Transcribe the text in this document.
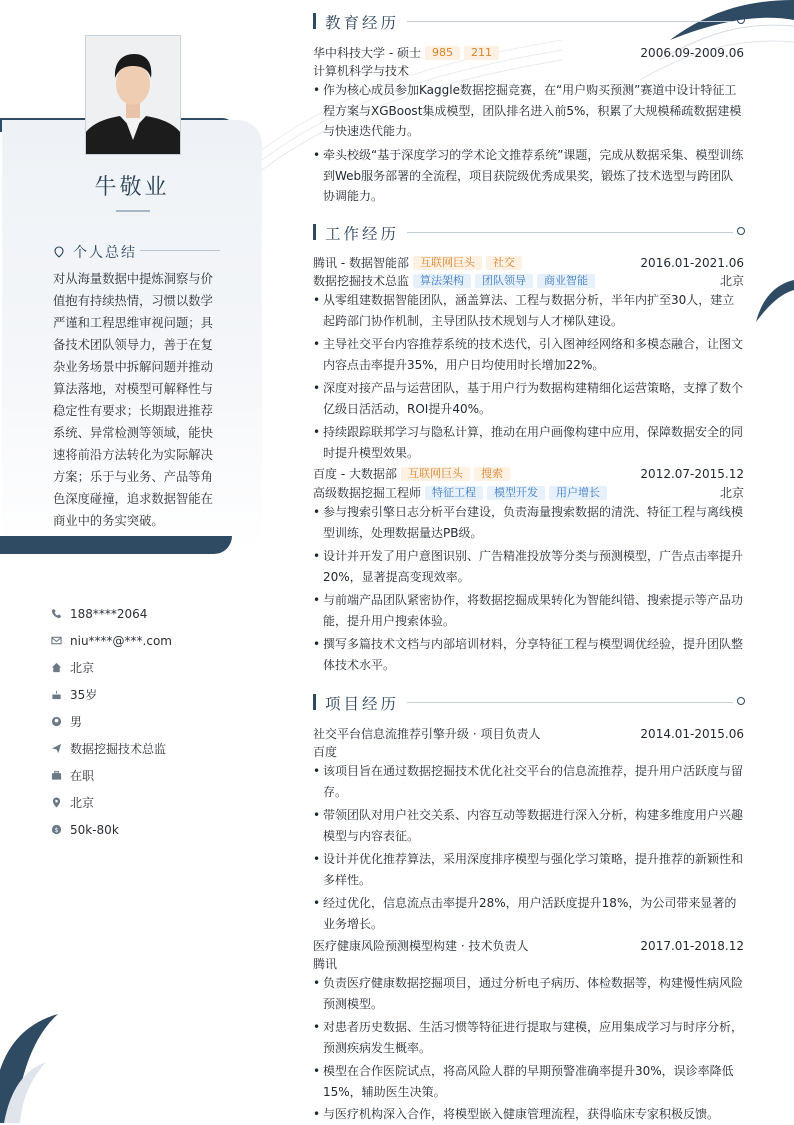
牛敬业
个人总结
对从海量数据中提炼洞察与价值抱有持续热情，习惯以数学严谨和工程思维审视问题；具备技术团队领导力，善于在复杂业务场景中拆解问题并推动算法落地，对模型可解释性与稳定性有要求；长期跟进推荐系统、异常检测等领域，能快速将前沿方法转化为实际解决方案；乐于与业务、产品等角色深度碰撞，追求数据智能在商业中的务实突破。
188****2064
niu****@***.com
北京
35岁
男
数据挖掘技术总监
在职
北京
$ 50k-80k
教育经历
华中科技大学 - 硕士 985 211	2006.09-2009.06
计算机科学与技术
• 作为核心成员参加Kaggle数据挖掘竞赛，在“用户购买预测”赛道中设计特征工程方案与XGBoost集成模型，团队排名进入前5%，积累了大规模稀疏数据建模与快速迭代能力。
• 牵头校级“基于深度学习的学术论文推荐系统”课题，完成从数据采集、模型训练到Web服务部署的全流程，项目获院级优秀成果奖，锻炼了技术选型与跨团队协调能力。
工作经历
腾讯 - 数据智能部 互联网巨头 社交	2016.01-2021.06
数据挖掘技术总监 算法架构 团队领导 商业智能	北京
• 从零组建数据智能团队，涵盖算法、工程与数据分析，半年内扩至30人，建立起跨部门协作机制，主导团队技术规划与人才梯队建设。
• 主导社交平台内容推荐系统的技术迭代，引入图神经网络和多模态融合，让图文内容点击率提升35%，用户日均使用时长增加22%。
• 深度对接产品与运营团队，基于用户行为数据构建精细化运营策略，支撑了数个亿级日活活动，ROI提升40%。
• 持续跟踪联邦学习与隐私计算，推动在用户画像构建中应用，保障数据安全的同时提升模型效果。
百度 - 大数据部 互联网巨头 搜索	2012.07-2015.12
高级数据挖掘工程师 特征工程 模型开发 用户增长	北京
• 参与搜索引擎日志分析平台建设，负责海量搜索数据的清洗、特征工程与离线模型训练，处理数据量达PB级。
• 设计并开发了用户意图识别、广告精准投放等分类与预测模型，广告点击率提升20%，显著提高变现效率。
• 与前端产品团队紧密协作，将数据挖掘成果转化为智能纠错、搜索提示等产品功能，提升用户搜索体验。
• 撰写多篇技术文档与内部培训材料，分享特征工程与模型调优经验，提升团队整体技术水平。
项目经历
社交平台信息流推荐引擎升级 · 项目负责人	2014.01-2015.06
百度
• 该项目旨在通过数据挖掘技术优化社交平台的信息流推荐，提升用户活跃度与留存。
• 带领团队对用户社交关系、内容互动等数据进行深入分析，构建多维度用户兴趣模型与内容表征。
• 设计并优化推荐算法，采用深度排序模型与强化学习策略，提升推荐的新颖性和多样性。
• 经过优化，信息流点击率提升28%，用户活跃度提升18%，为公司带来显著的业务增长。
医疗健康风险预测模型构建 · 技术负责人	2017.01-2018.12
腾讯
• 负责医疗健康数据挖掘项目，通过分析电子病历、体检数据等，构建慢性病风险预测模型。
• 对患者历史数据、生活习惯等特征进行提取与建模，应用集成学习与时序分析，预测疾病发生概率。
• 模型在合作医院试点，将高风险人群的早期预警准确率提升30%，误诊率降低15%，辅助医生决策。
• 与医疗机构深入合作，将模型嵌入健康管理流程，获得临床专家积极反馈。
